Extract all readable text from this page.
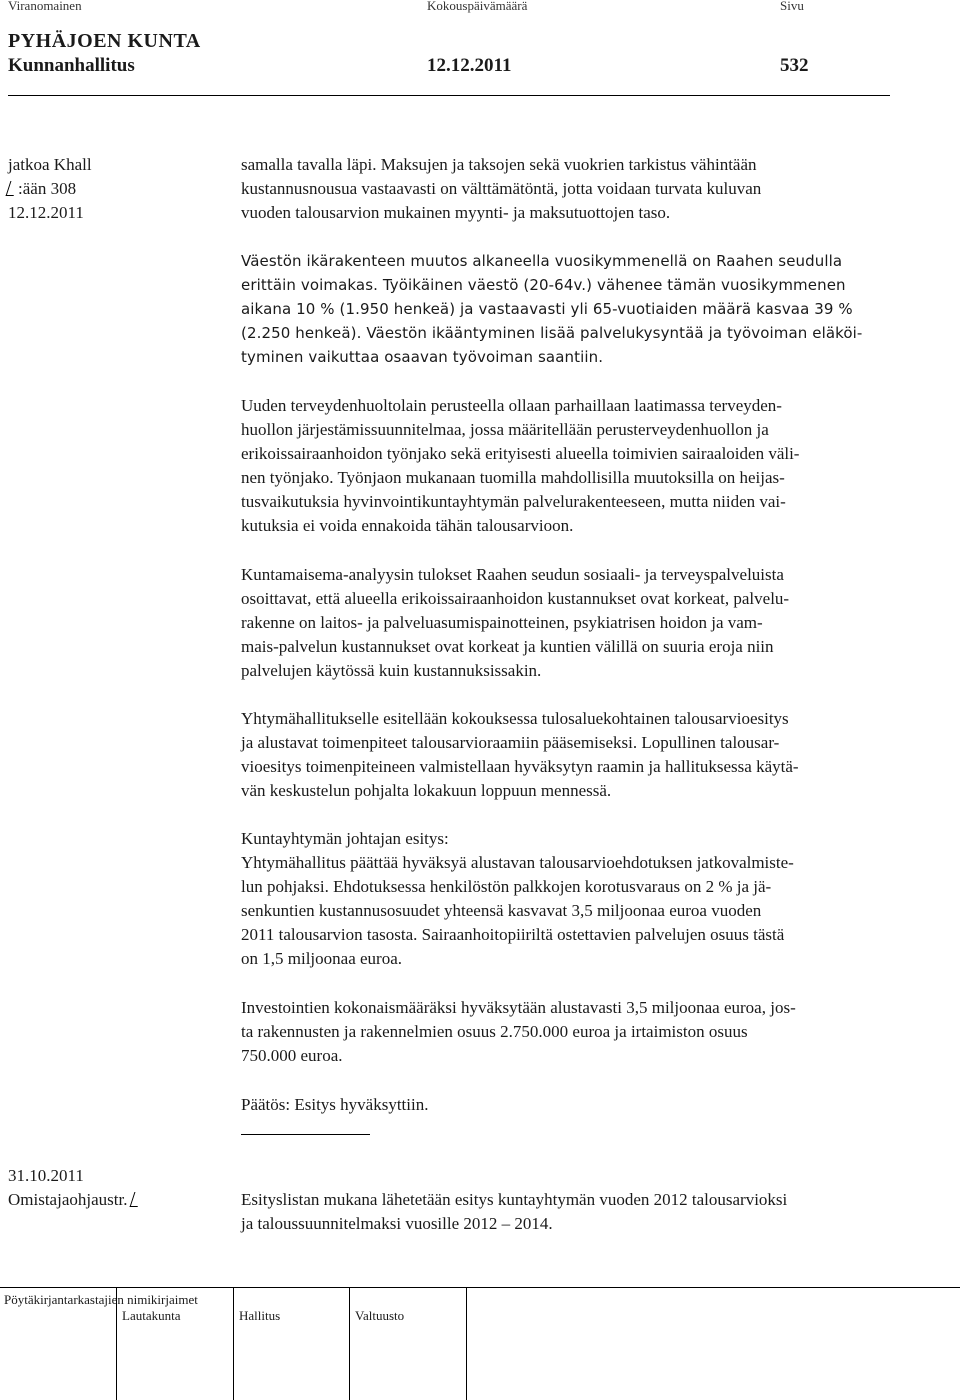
Viranomainen	Kokouspäivämäärä	Sivu
PYHÄJOEN KUNTA
Kunnanhallitus	12.12.2011	532
jatkoa Khall
:ään 308
12.12.2011
31.10.2011
Omistajaohjaustr.

samalla tavalla läpi. Maksujen ja taksojen sekä vuokrien tarkistus vähintään

kustannusnousua vastaavasti on välttämätöntä, jotta voidaan turvata kuluvan

vuoden talousarvion mukainen myynti- ja maksutuottojen taso.

Väestön ikärakenteen muutos alkaneella vuosikymmenellä on Raahen seudulla

erittäin voimakas. Työikäinen väestö (20-64v.) vähenee tämän vuosikymmenen

aikana 10 % (1.950 henkeä) ja vastaavasti yli 65-vuotiaiden määrä kasvaa 39 %

(2.250 henkeä). Väestön ikääntyminen lisää palvelukysyntää ja työvoiman eläköi-

tyminen vaikuttaa osaavan työvoiman saantiin.

Uuden terveydenhuoltolain perusteella ollaan parhaillaan laatimassa terveyden-

huollon järjestämissuunnitelmaa, jossa määritellään perusterveydenhuollon ja

erikoissairaanhoidon työnjako sekä erityisesti alueella toimivien sairaaloiden väli-

nen työnjako. Työnjaon mukanaan tuomilla mahdollisilla muutoksilla on heijas-

tusvaikutuksia hyvinvointikuntayhtymän palvelurakenteeseen, mutta niiden vai-

kutuksia ei voida ennakoida tähän talousarvioon.

Kuntamaisema-analyysin tulokset Raahen seudun sosiaali- ja terveyspalveluista

osoittavat, että alueella erikoissairaanhoidon kustannukset ovat korkeat, palvelu-

rakenne on laitos- ja palveluasumispainotteinen, psykiatrisen hoidon ja vam-

mais-palvelun kustannukset ovat korkeat ja kuntien välillä on suuria eroja niin

palvelujen käytössä kuin kustannuksissakin.

Yhtymähallitukselle esitellään kokouksessa tulosaluekohtainen talousarvioesitys

ja alustavat toimenpiteet talousarvioraamiin pääsemiseksi. Lopullinen talousar-

vioesitys toimenpiteineen valmistellaan hyväksytyn raamin ja hallituksessa käytä-

vän keskustelun pohjalta lokakuun loppuun mennessä.

Kuntayhtymän johtajan esitys:

Yhtymähallitus päättää hyväksyä alustavan talousarvioehdotuksen jatkovalmiste-

lun pohjaksi. Ehdotuksessa henkilöstön palkkojen korotusvaraus on 2 % ja jä-

senkuntien kustannusosuudet yhteensä kasvavat 3,5 miljoonaa euroa vuoden

2011 talousarvion tasosta. Sairaanhoitopiiriltä ostettavien palvelujen osuus tästä

on 1,5 miljoonaa euroa.

Investointien kokonaismääräksi hyväksytään alustavasti 3,5 miljoonaa euroa, jos-

ta rakennusten ja rakennelmien osuus 2.750.000 euroa ja irtaimiston osuus

750.000 euroa.

Päätös: Esitys hyväksyttiin.

Esityslistan mukana lähetetään esitys kuntayhtymän vuoden 2012 talousarvioksi

ja taloussuunnitelmaksi vuosille 2012 – 2014.

Pöytäkirjantarkastajien nimikirjaimet
Lautakunta	Hallitus	Valtuusto
